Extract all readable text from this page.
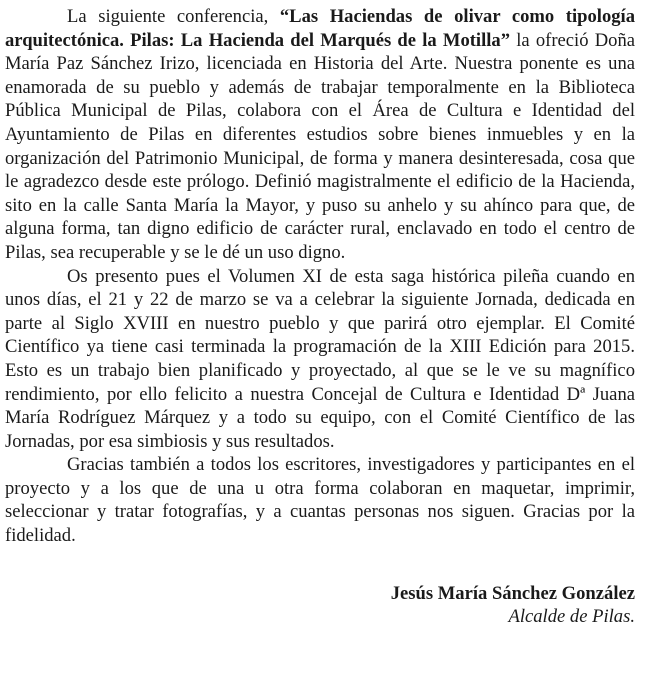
La siguiente conferencia, “Las Haciendas de olivar como tipología arquitectónica. Pilas: La Hacienda del Marqués de la Motilla” la ofreció Doña María Paz Sánchez Irizo, licenciada en Historia del Arte. Nuestra ponente es una enamorada de su pueblo y además de trabajar temporalmente en la Biblioteca Pública Municipal de Pilas, colabora con el Área de Cultura e Identidad del Ayuntamiento de Pilas en diferentes estudios sobre bienes inmuebles y en la organización del Patrimonio Municipal, de forma y manera desinteresada, cosa que le agradezco desde este prólogo. Definió magistralmente el edificio de la Hacienda, sito en la calle Santa María la Mayor, y puso su anhelo y su ahínco para que, de alguna forma, tan digno edificio de carácter rural, enclavado en todo el centro de Pilas, sea recuperable y se le dé un uso digno.

Os presento pues el Volumen XI de esta saga histórica pileña cuando en unos días, el 21 y 22 de marzo se va a celebrar la siguiente Jornada, dedicada en parte al Siglo XVIII en nuestro pueblo y que parirá otro ejemplar. El Comité Científico ya tiene casi terminada la programación de la XIII Edición para 2015. Esto es un trabajo bien planificado y proyectado, al que se le ve su magnífico rendimiento, por ello felicito a nuestra Concejal de Cultura e Identidad Dª Juana María Rodríguez Márquez y a todo su equipo, con el Comité Científico de las Jornadas, por esa simbiosis y sus resultados.

Gracias también a todos los escritores, investigadores y participantes en el proyecto y a los que de una u otra forma colaboran en maquetar, imprimir, seleccionar y tratar fotografías, y a cuantas personas nos siguen. Gracias por la fidelidad.

Jesús María Sánchez González
Alcalde de Pilas.
